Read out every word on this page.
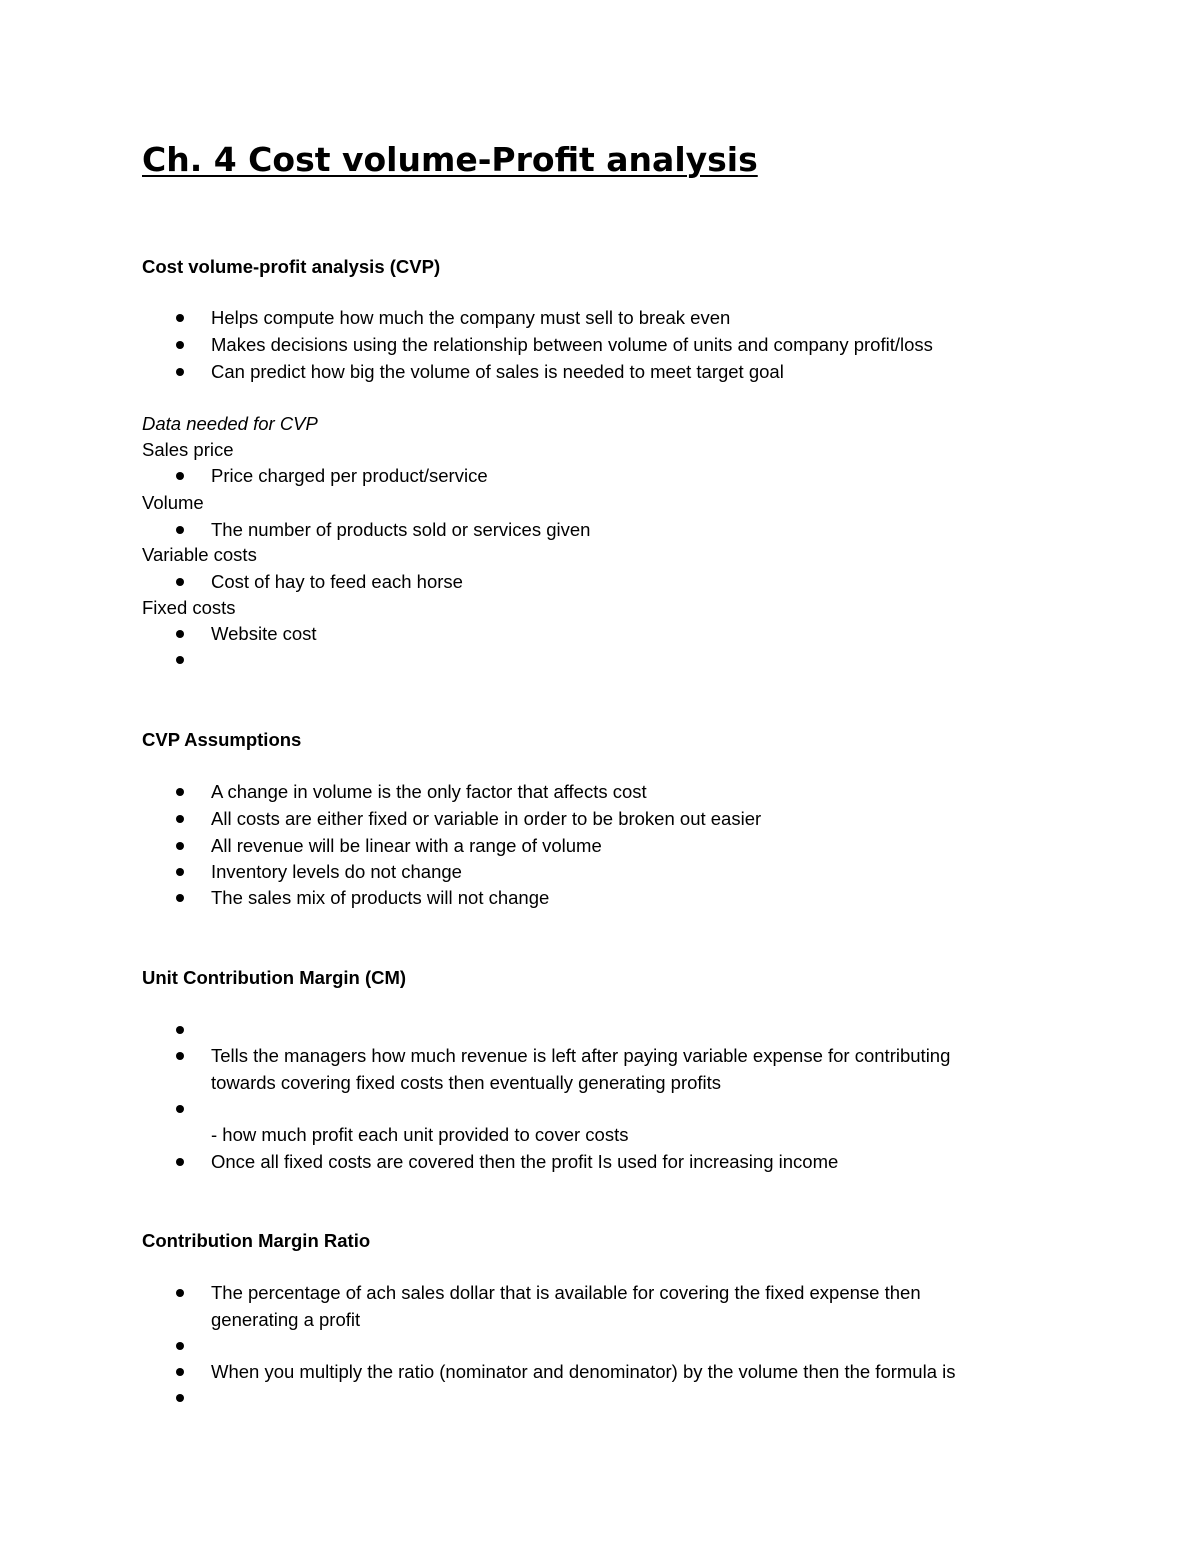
Ch. 4 Cost volume-Profit analysis
Cost volume-profit analysis (CVP)
Helps compute how much the company must sell to break even
Makes decisions using the relationship between volume of units and company profit/loss
Can predict how big the volume of sales is needed to meet target goal
Data needed for CVP
Sales price
Price charged per product/service
Volume
The number of products sold or services given
Variable costs
Cost of hay to feed each horse
Fixed costs
Website cost
CVP Assumptions
A change in volume is the only factor that affects cost
All costs are either fixed or variable in order to be broken out easier
All revenue will be linear with a range of volume
Inventory levels do not change
The sales mix of products will not change
Unit Contribution Margin (CM)
Tells the managers how much revenue is left after paying variable expense for contributing
towards covering fixed costs then eventually generating profits
- how much profit each unit provided to cover costs
Once all fixed costs are covered then the profit Is used for increasing income
Contribution Margin Ratio
The percentage of ach sales dollar that is available for covering the fixed expense then
generating a profit
When you multiply the ratio (nominator and denominator) by the volume then the formula is
